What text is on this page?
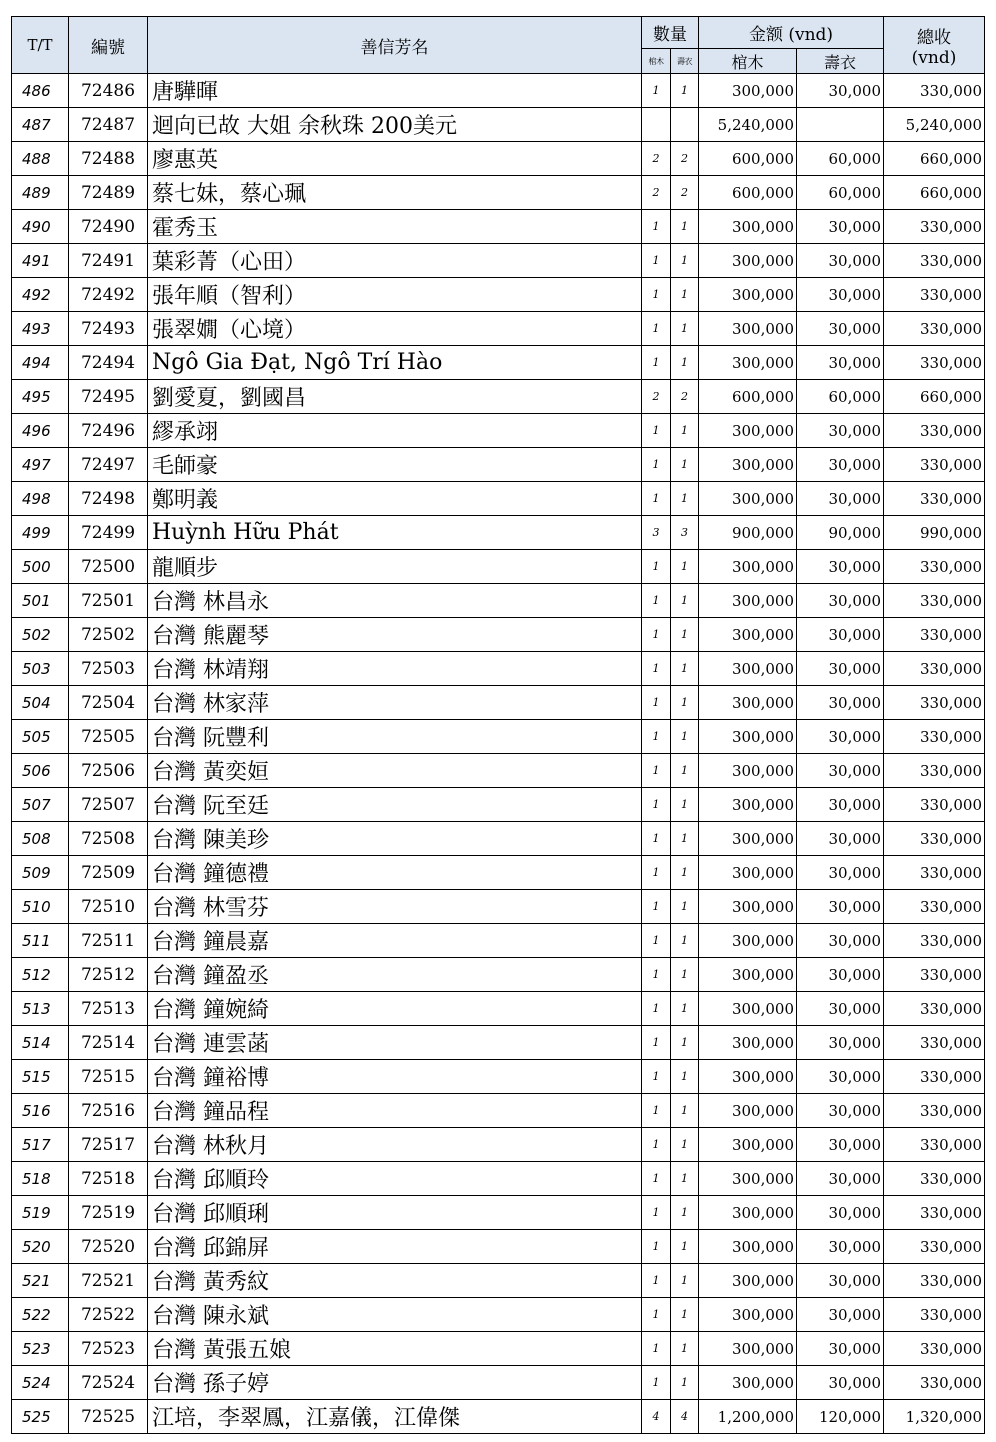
T/T	編號	善信芳名	數量		金额 (vnd)		總收
(vnd)

			棺木	壽衣	棺木	壽衣	
486	72486	唐驊暉	1	1	300,000	30,000	330,000
487	72487	迴向已故 大姐 余秋珠 200美元			5,240,000		5,240,000
488	72488	廖惠英	2	2	600,000	60,000	660,000
489	72489	蔡七妹，蔡心珮	2	2	600,000	60,000	660,000
490	72490	霍秀玉	1	1	300,000	30,000	330,000
491	72491	葉彩菁（心田）	1	1	300,000	30,000	330,000
492	72492	張年順（智利）	1	1	300,000	30,000	330,000
493	72493	張翠嫺（心境）	1	1	300,000	30,000	330,000
494	72494	Ngô Gia Đạt, Ngô Trí Hào	1	1	300,000	30,000	330,000
495	72495	劉愛夏，劉國昌	2	2	600,000	60,000	660,000
496	72496	繆承翊	1	1	300,000	30,000	330,000
497	72497	毛師豪	1	1	300,000	30,000	330,000
498	72498	鄭明義	1	1	300,000	30,000	330,000
499	72499	Huỳnh Hữu Phát	3	3	900,000	90,000	990,000
500	72500	龍順步	1	1	300,000	30,000	330,000
501	72501	台灣 林昌永	1	1	300,000	30,000	330,000
502	72502	台灣 熊麗琴	1	1	300,000	30,000	330,000
503	72503	台灣 林靖翔	1	1	300,000	30,000	330,000
504	72504	台灣 林家萍	1	1	300,000	30,000	330,000
505	72505	台灣 阮豐利	1	1	300,000	30,000	330,000
506	72506	台灣 黃奕姮	1	1	300,000	30,000	330,000
507	72507	台灣 阮至廷	1	1	300,000	30,000	330,000
508	72508	台灣 陳美珍	1	1	300,000	30,000	330,000
509	72509	台灣 鐘德禮	1	1	300,000	30,000	330,000
510	72510	台灣 林雪芬	1	1	300,000	30,000	330,000
511	72511	台灣 鐘晨嘉	1	1	300,000	30,000	330,000
512	72512	台灣 鐘盈丞	1	1	300,000	30,000	330,000
513	72513	台灣 鐘婉綺	1	1	300,000	30,000	330,000
514	72514	台灣 連雲菡	1	1	300,000	30,000	330,000
515	72515	台灣 鐘裕博	1	1	300,000	30,000	330,000
516	72516	台灣 鐘品程	1	1	300,000	30,000	330,000
517	72517	台灣 林秋月	1	1	300,000	30,000	330,000
518	72518	台灣 邱順玲	1	1	300,000	30,000	330,000
519	72519	台灣 邱順琍	1	1	300,000	30,000	330,000
520	72520	台灣 邱錦屏	1	1	300,000	30,000	330,000
521	72521	台灣 黃秀紋	1	1	300,000	30,000	330,000
522	72522	台灣 陳永斌	1	1	300,000	30,000	330,000
523	72523	台灣 黃張五娘	1	1	300,000	30,000	330,000
524	72524	台灣 孫子婷	1	1	300,000	30,000	330,000
525	72525	江培，李翠鳳，江嘉儀，江偉傑	4	4	1,200,000	120,000	1,320,000
